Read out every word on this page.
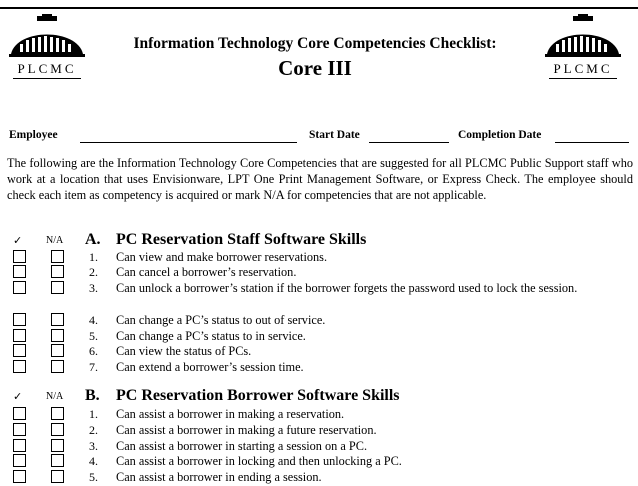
PLCMC	PLCMC
Information Technology Core Competencies Checklist:
Core III
Employee	Start Date	Completion Date

The following are the Information Technology Core Competencies that are suggested for all PLCMC Public Support staff who work at a location that uses Envisionware, LPT One Print Management Software, or Express Check. The employee should check each item as competency is acquired or mark N/A for competencies that are not applicable.

✓ N/A A. PC Reservation Staff Software Skills
1. Can view and make borrower reservations.

2. Can cancel a borrower’s reservation.

3. Can unlock a borrower’s station if the borrower forgets the password used to lock the session.

4. Can change a PC’s status to out of service.

5. Can change a PC’s status to in service.

6. Can view the status of PCs.

7. Can extend a borrower’s session time.

✓ N/A B. PC Reservation Borrower Software Skills
1. Can assist a borrower in making a reservation.

2. Can assist a borrower in making a future reservation.

3. Can assist a borrower in starting a session on a PC.

4. Can assist a borrower in locking and then unlocking a PC.

5. Can assist a borrower in ending a session.
